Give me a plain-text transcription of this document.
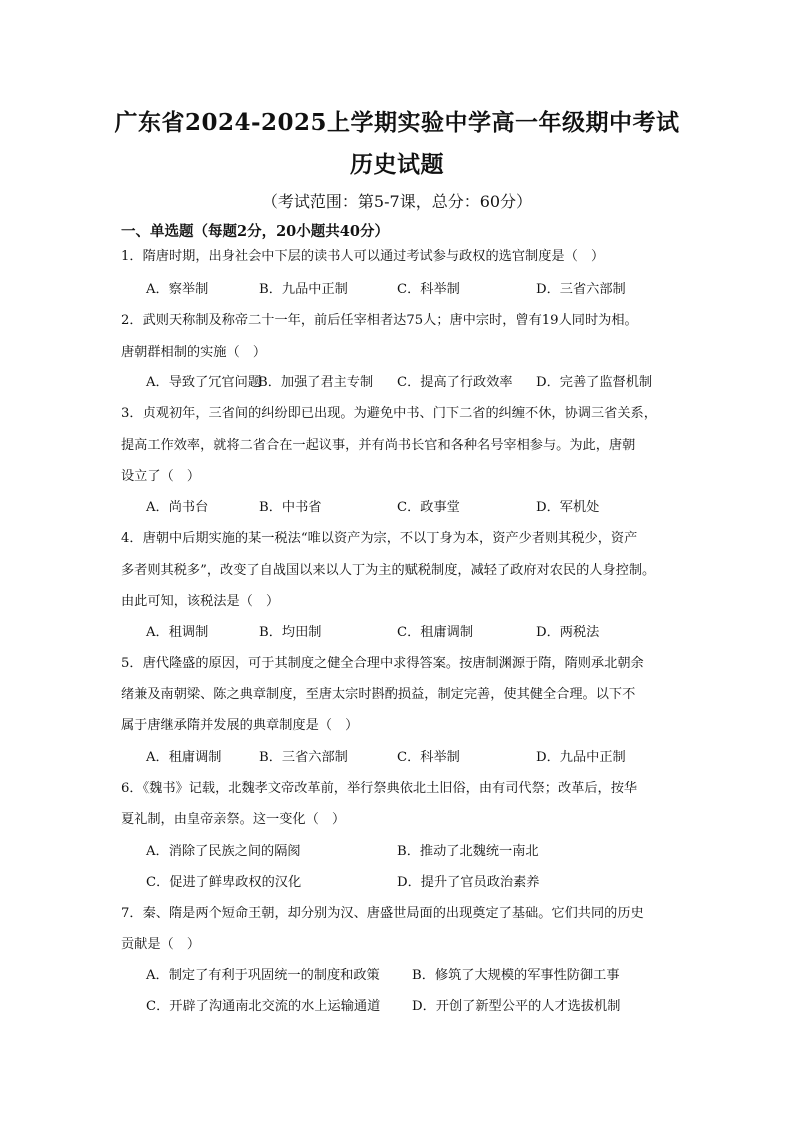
广东省2024-2025上学期实验中学高一年级期中考试
历史试题
（考试范围：第5-7课，总分：60分）
一、单选题（每题2分，20小题共40分）
1．隋唐时期，出身社会中下层的读书人可以通过考试参与政权的选官制度是（　）
A．察举制	B．九品中正制	C．科举制	D．三省六部制
2．武则天称制及称帝二十一年，前后任宰相者达75人；唐中宗时，曾有19人同时为相。
唐朝群相制的实施（　）
A．导致了冗官问题
B．加强了君主专制 C．提高了行政效率 D．完善了监督机制
3．贞观初年，三省间的纠纷即已出现。为避免中书、门下二省的纠缠不休，协调三省关系，
提高工作效率，就将二省合在一起议事，并有尚书长官和各种名号宰相参与。为此，唐朝
设立了（　）
A．尚书台	B．中书省	C．政事堂	D．军机处
4．唐朝中后期实施的某一税法“唯以资产为宗，不以丁身为本，资产少者则其税少，资产
多者则其税多”，改变了自战国以来以人丁为主的赋税制度，减轻了政府对农民的人身控制。
由此可知，该税法是（　）
A．租调制	B．均田制	C．租庸调制	D．两税法
5．唐代隆盛的原因，可于其制度之健全合理中求得答案。按唐制渊源于隋，隋则承北朝余
绪兼及南朝梁、陈之典章制度，至唐太宗时斟酌损益，制定完善，使其健全合理。以下不
属于唐继承隋并发展的典章制度是（　）
A．租庸调制	B．三省六部制	C．科举制	D．九品中正制
6．《魏书》记载，北魏孝文帝改革前，举行祭典依北土旧俗，由有司代祭；改革后，按华
夏礼制，由皇帝亲祭。这一变化（　）
A．消除了民族之间的隔阂	B．推动了北魏统一南北
C．促进了鲜卑政权的汉化	D．提升了官员政治素养
7．秦、隋是两个短命王朝，却分别为汉、唐盛世局面的出现奠定了基础。它们共同的历史
贡献是（　）
A．制定了有利于巩固统一的制度和政策 B．修筑了大规模的军事性防御工事
C．开辟了沟通南北交流的水上运输通道 D．开创了新型公平的人才选拔机制
